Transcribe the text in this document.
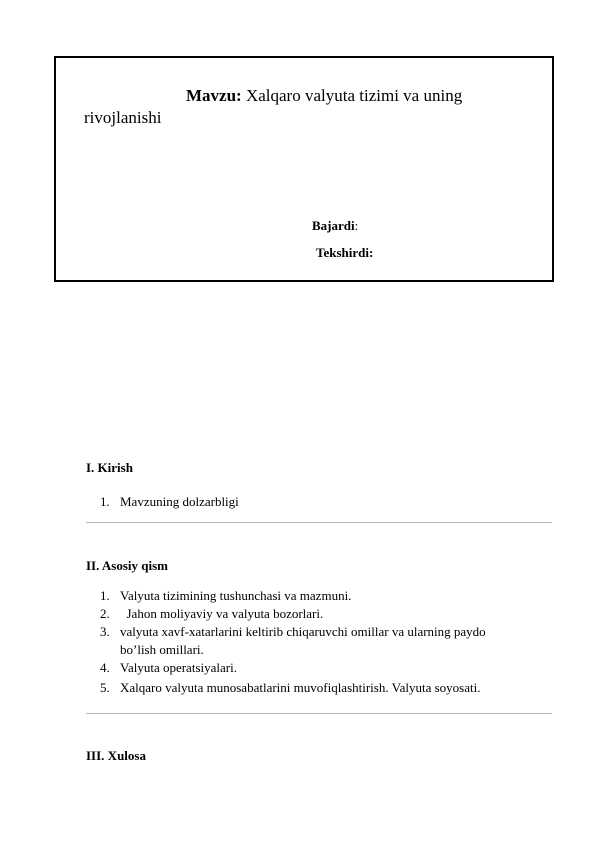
Mavzu: Xalqaro valyuta tizimi va uning
rivojlanishi
Bajardi:
Tekshirdi:
I. Kirish
1. Mavzuning dolzarbligi
II. Asosiy qism
1. Valyuta tizimining tushunchasi va mazmuni.
2. Jahon moliyaviy va valyuta bozorlari.
3. valyuta xavf-xatarlarini keltirib chiqaruvchi omillar va ularning paydo
bo’lish omillari.
4. Valyuta operatsiyalari.
5. Xalqaro valyuta munosabatlarini muvofiqlashtirish. Valyuta soyosati.
III. Xulosa
